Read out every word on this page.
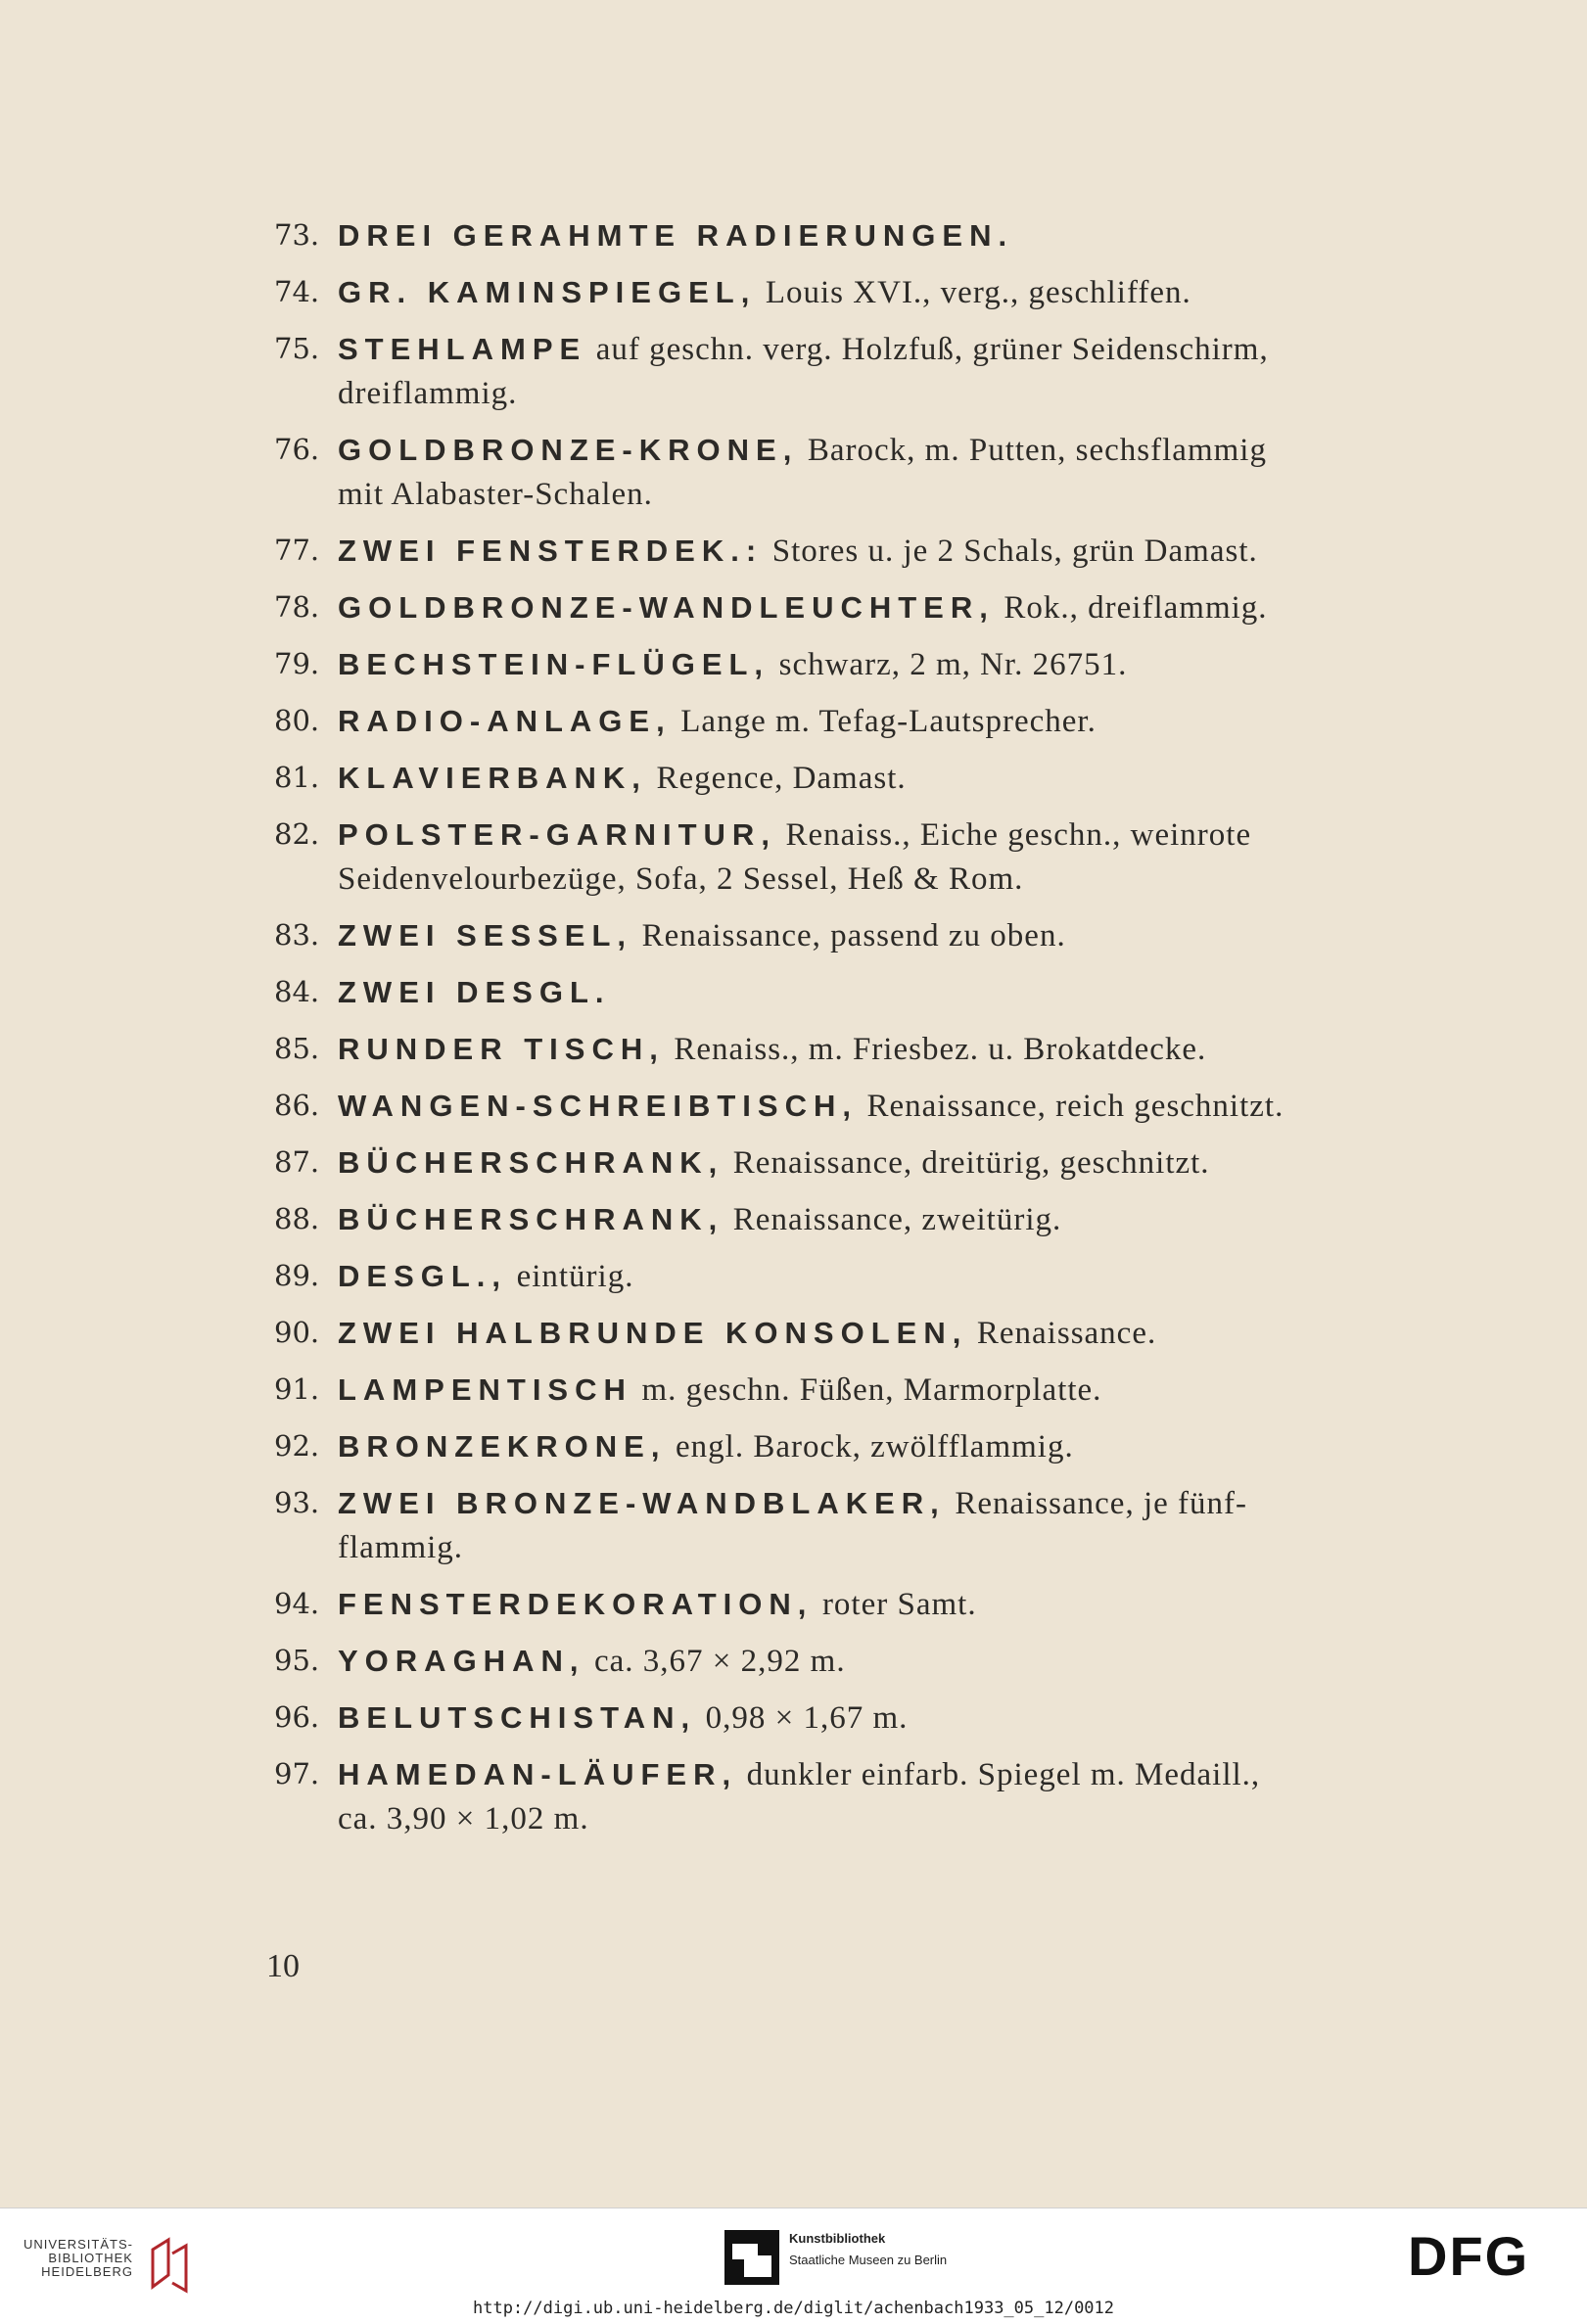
73. DREI GERAHMTE RADIERUNGEN.
74. GR. KAMINSPIEGEL, Louis XVI., verg., geschliffen.
75. STEHLAMPE auf geschn. verg. Holzfuß, grüner Seidenschirm,
dreiflammig.
76. GOLDBRONZE-KRONE, Barock, m. Putten, sechsflammig
mit Alabaster-Schalen.
77. ZWEI FENSTERDEK.: Stores u. je 2 Schals, grün Damast.
78. GOLDBRONZE-WANDLEUCHTER, Rok., dreiflammig.
79. BECHSTEIN-FLÜGEL, schwarz, 2 m, Nr. 26751.
80. RADIO-ANLAGE, Lange m. Tefag-Lautsprecher.
81. KLAVIERBANK, Regence, Damast.
82. POLSTER-GARNITUR, Renaiss., Eiche geschn., weinrote
Seidenvelourbezüge, Sofa, 2 Sessel, Heß & Rom.
83. ZWEI SESSEL, Renaissance, passend zu oben.
84. ZWEI DESGL.
85. RUNDER TISCH, Renaiss., m. Friesbez. u. Brokatdecke.
86. WANGEN-SCHREIBTISCH, Renaissance, reich geschnitzt.
87. BÜCHERSCHRANK, Renaissance, dreitürig, geschnitzt.
88. BÜCHERSCHRANK, Renaissance, zweitürig.
89. DESGL., eintürig.
90. ZWEI HALBRUNDE KONSOLEN, Renaissance.
91. LAMPENTISCH m. geschn. Füßen, Marmorplatte.
92. BRONZEKRONE, engl. Barock, zwölfflammig.
93. ZWEI BRONZE-WANDBLAKER, Renaissance, je fünf-
flammig.
94. FENSTERDEKORATION, roter Samt.
95. YORAGHAN, ca. 3,67 × 2,92 m.
96. BELUTSCHISTAN, 0,98 × 1,67 m.
97. HAMEDAN-LÄUFER, dunkler einfarb. Spiegel m. Medaill.,
ca. 3,90 × 1,02 m.
10
UNIVERSITÄTS-
BIBLIOTHEK
HEIDELBERG
Kunstbibliothek
Staatliche Museen zu Berlin	DFG
http://digi.ub.uni-heidelberg.de/diglit/achenbach1933_05_12/0012
